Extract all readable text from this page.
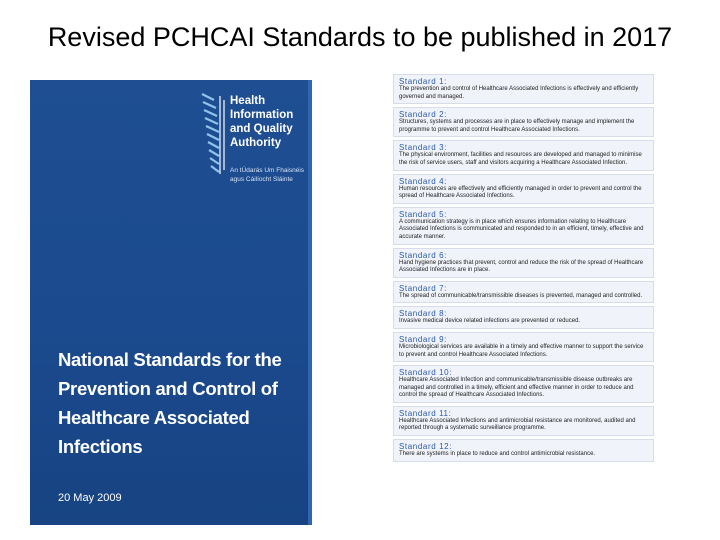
Revised PCHCAI Standards to be published in 2017
Health Information and Quality Authority
An tÚdarás Um Fhaisnéis agus Cáilíocht Sláinte
National Standards for the Prevention and Control of Healthcare Associated Infections
20 May 2009
Standard 1:
The prevention and control of Healthcare Associated Infections is effectively and efficiently governed and managed.
Standard 2:
Structures, systems and processes are in place to effectively manage and implement the programme to prevent and control Healthcare Associated Infections.
Standard 3:
The physical environment, facilities and resources are developed and managed to minimise the risk of service users, staff and visitors acquiring a Healthcare Associated Infection.
Standard 4:
Human resources are effectively and efficiently managed in order to prevent and control the spread of Healthcare Associated Infections.
Standard 5:
A communication strategy is in place which ensures information relating to Healthcare Associated Infections is communicated and responded to in an efficient, timely, effective and accurate manner.
Standard 6:
Hand hygiene practices that prevent, control and reduce the risk of the spread of Healthcare Associated Infections are in place.
Standard 7:
The spread of communicable/transmissible diseases is prevented, managed and controlled.
Standard 8:
Invasive medical device related infections are prevented or reduced.
Standard 9:
Microbiological services are available in a timely and effective manner to support the service to prevent and control Healthcare Associated Infections.
Standard 10:
Healthcare Associated Infection and communicable/transmissible disease outbreaks are managed and controlled in a timely, efficient and effective manner in order to reduce and control the spread of Healthcare Associated Infections.
Standard 11:
Healthcare Associated Infections and antimicrobial resistance are monitored, audited and reported through a systematic surveillance programme.
Standard 12:
There are systems in place to reduce and control antimicrobial resistance.
